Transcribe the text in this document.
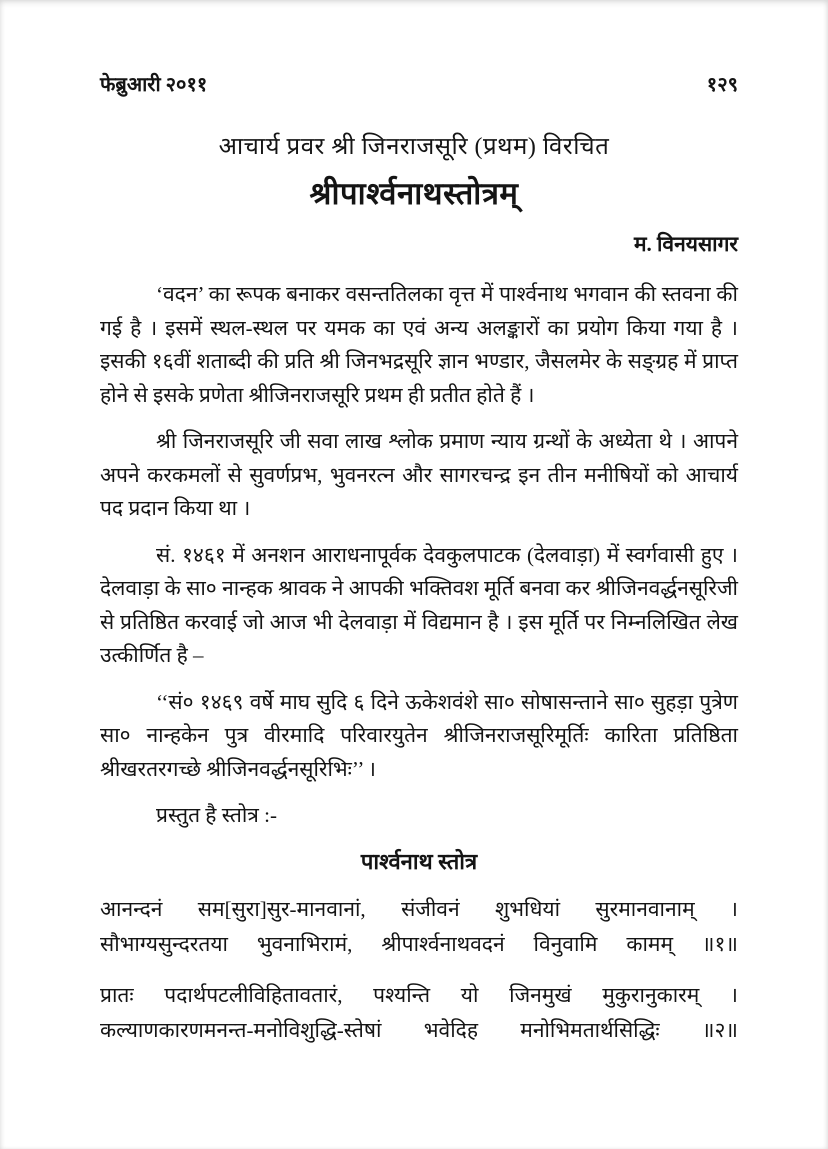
फेब्रुआरी २०११	१२९
आचार्य प्रवर श्री जिनराजसूरि (प्रथम) विरचित
श्रीपार्श्वनाथस्तोत्रम्
म. विनयसागर

‘वदन’ का रूपक बनाकर वसन्ततिलका वृत्त में पार्श्वनाथ भगवान की स्तवना की गई है । इसमें स्थल-स्थल पर यमक का एवं अन्य अलङ्कारों का प्रयोग किया गया है । इसकी १६वीं शताब्दी की प्रति श्री जिनभद्रसूरि ज्ञान भण्डार, जैसलमेर के सङ्ग्रह में प्राप्त होने से इसके प्रणेता श्रीजिनराजसूरि प्रथम ही प्रतीत होते हैं ।

श्री जिनराजसूरि जी सवा लाख श्लोक प्रमाण न्याय ग्रन्थों के अध्येता थे । आपने अपने करकमलों से सुवर्णप्रभ, भुवनरत्न और सागरचन्द्र इन तीन मनीषियों को आचार्य पद प्रदान किया था ।

सं. १४६१ में अनशन आराधनापूर्वक देवकुलपाटक (देलवाड़ा) में स्वर्गवासी हुए । देलवाड़ा के सा० नान्हक श्रावक ने आपकी भक्तिवश मूर्ति बनवा कर श्रीजिनवर्द्धनसूरिजी से प्रतिष्ठित करवाई जो आज भी देलवाड़ा में विद्यमान है । इस मूर्ति पर निम्नलिखित लेख उत्कीर्णित है –

‘‘सं० १४६९ वर्षे माघ सुदि ६ दिने ऊकेशवंशे सा० सोषासन्ताने सा० सुहड़ा पुत्रेण सा० नान्हकेन पुत्र वीरमादि परिवारयुतेन श्रीजिनराजसूरिमूर्तिः कारिता प्रतिष्ठिता श्रीखरतरगच्छे श्रीजिनवर्द्धनसूरिभिः’’ ।

प्रस्तुत है स्तोत्र :-

पार्श्वनाथ स्तोत्र
आनन्दनं सम[सुरा]सुर-मानवानां, संजीवनं शुभधियां सुरमानवानाम् ।
सौभाग्यसुन्दरतया भुवनाभिरामं, श्रीपार्श्वनाथवदनं विनुवामि कामम् ॥१॥
प्रातः पदार्थपटलीविहितावतारं, पश्यन्ति यो जिनमुखं मुकुरानुकारम् ।
कल्याणकारणमनन्त-मनोविशुद्धि-स्तेषां भवेदिह मनोभिमतार्थसिद्धिः ॥२॥
